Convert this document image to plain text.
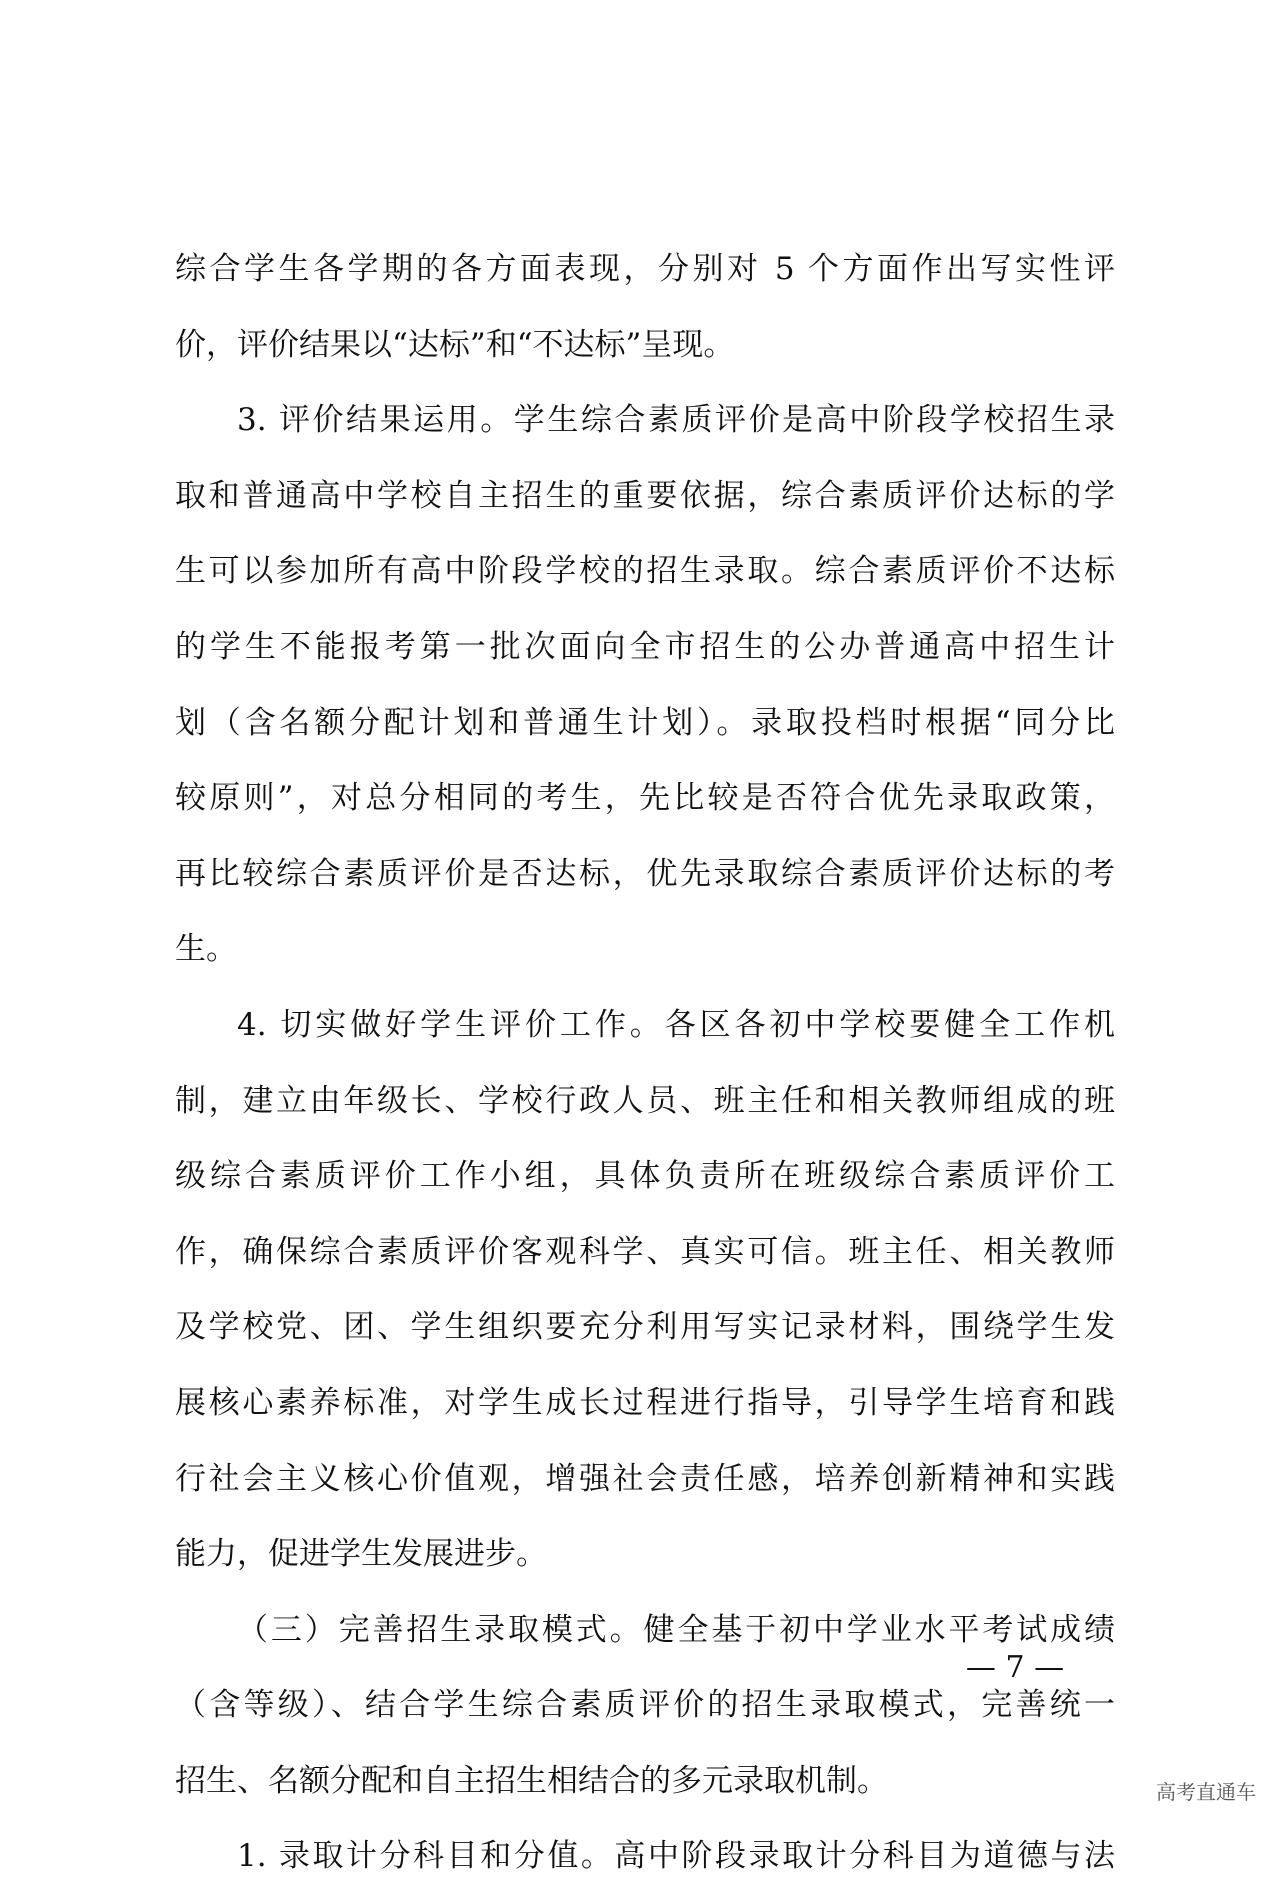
综合学生各学期的各方面表现，分别对 5 个方面作出写实性评
价，评价结果以“达标”和“不达标”呈现。
3. 评价结果运用。学生综合素质评价是高中阶段学校招生录
取和普通高中学校自主招生的重要依据，综合素质评价达标的学
生可以参加所有高中阶段学校的招生录取。综合素质评价不达标
的学生不能报考第一批次面向全市招生的公办普通高中招生计
划（含名额分配计划和普通生计划）。录取投档时根据“同分比
较原则”，对总分相同的考生，先比较是否符合优先录取政策，
再比较综合素质评价是否达标，优先录取综合素质评价达标的考
生。
4. 切实做好学生评价工作。各区各初中学校要健全工作机
制，建立由年级长、学校行政人员、班主任和相关教师组成的班
级综合素质评价工作小组，具体负责所在班级综合素质评价工
作，确保综合素质评价客观科学、真实可信。班主任、相关教师
及学校党、团、学生组织要充分利用写实记录材料，围绕学生发
展核心素养标准，对学生成长过程进行指导，引导学生培育和践
行社会主义核心价值观，增强社会责任感，培养创新精神和实践
能力，促进学生发展进步。
（三）完善招生录取模式。健全基于初中学业水平考试成绩
（含等级）、结合学生综合素质评价的招生录取模式，完善统一
招生、名额分配和自主招生相结合的多元录取机制。
1. 录取计分科目和分值。高中阶段录取计分科目为道德与法
— 7 —
高考直通车
